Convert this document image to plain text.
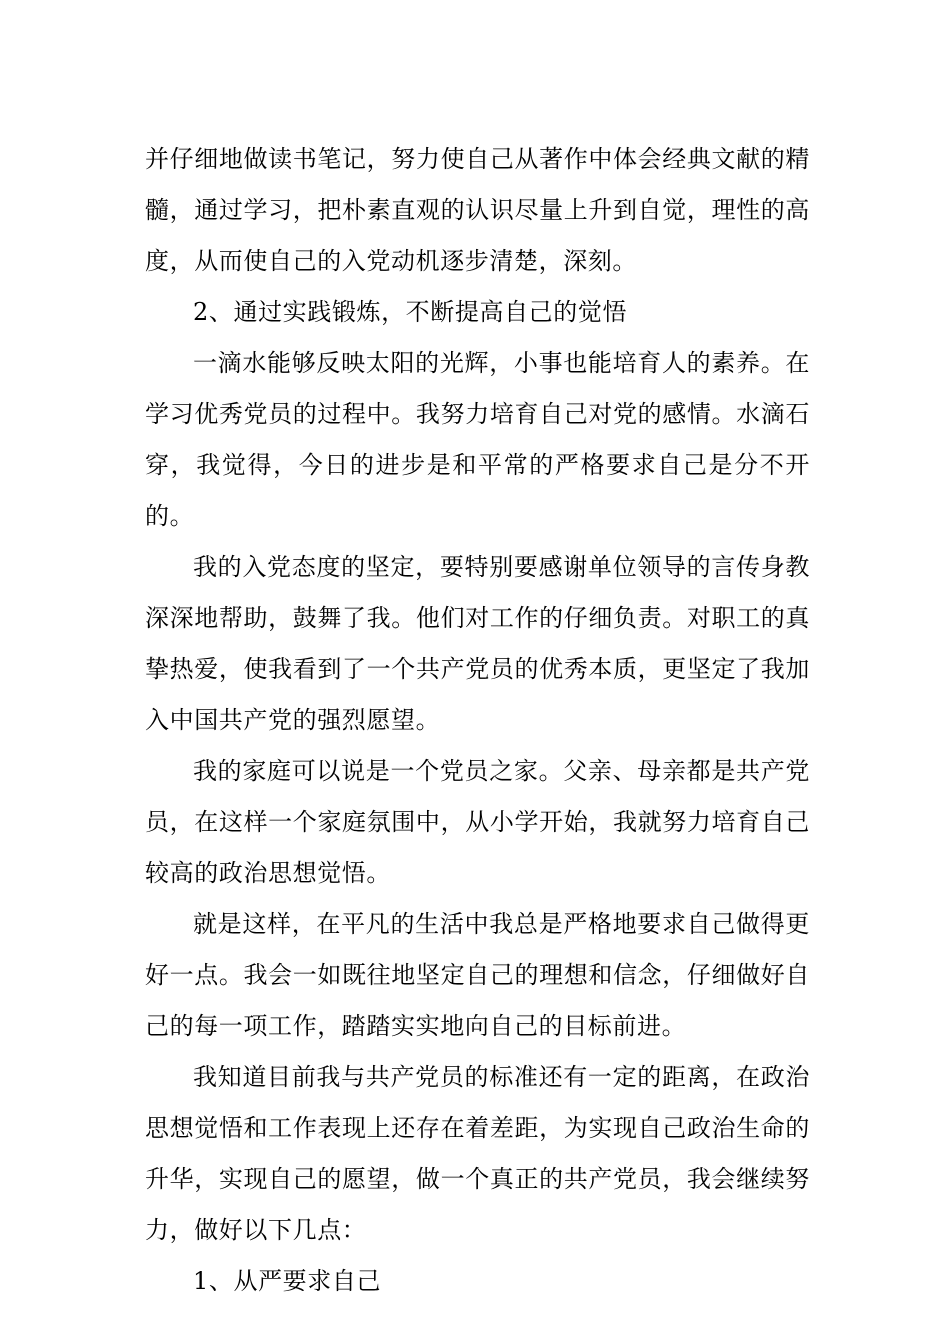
并仔细地做读书笔记，努力使自己从著作中体会经典文献的精髓，通过学习，把朴素直观的认识尽量上升到自觉，理性的高度，从而使自己的入党动机逐步清楚，深刻。

2、通过实践锻炼，不断提高自己的觉悟

一滴水能够反映太阳的光辉，小事也能培育人的素养。在学习优秀党员的过程中。我努力培育自己对党的感情。水滴石穿，我觉得，今日的进步是和平常的严格要求自己是分不开的。

我的入党态度的坚定，要特别要感谢单位领导的言传身教深深地帮助，鼓舞了我。他们对工作的仔细负责。对职工的真挚热爱，使我看到了一个共产党员的优秀本质，更坚定了我加入中国共产党的强烈愿望。

我的家庭可以说是一个党员之家。父亲、母亲都是共产党员，在这样一个家庭氛围中，从小学开始，我就努力培育自己较高的政治思想觉悟。

就是这样，在平凡的生活中我总是严格地要求自己做得更好一点。我会一如既往地坚定自己的理想和信念，仔细做好自己的每一项工作，踏踏实实地向自己的目标前进。

我知道目前我与共产党员的标准还有一定的距离，在政治思想觉悟和工作表现上还存在着差距，为实现自己政治生命的升华，实现自己的愿望，做一个真正的共产党员，我会继续努力，做好以下几点：

1、从严要求自己
